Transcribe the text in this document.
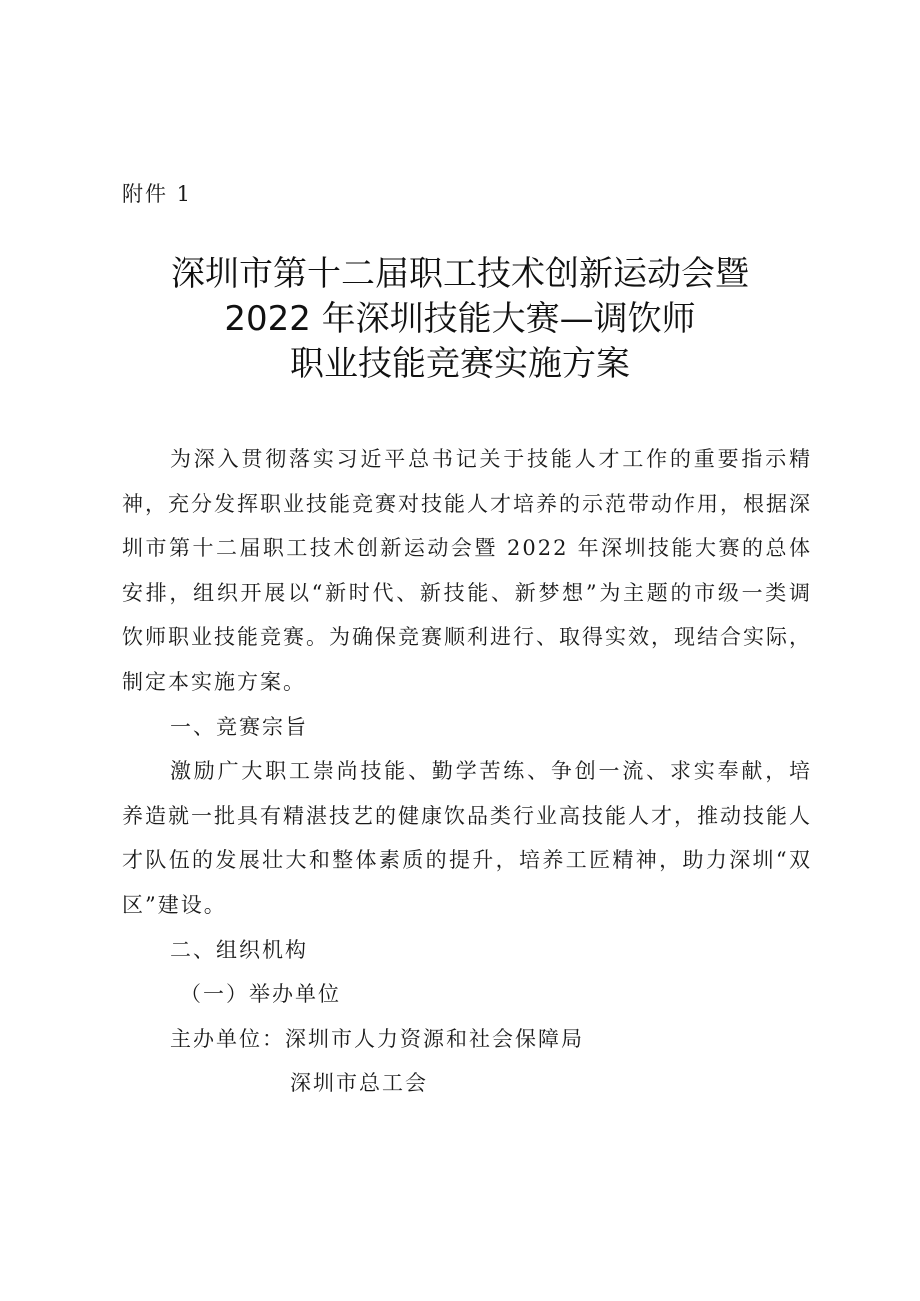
附件 1
深圳市第十二届职工技术创新运动会暨
2022 年深圳技能大赛—调饮师
职业技能竞赛实施方案

为深入贯彻落实习近平总书记关于技能人才工作的重要指示精神，充分发挥职业技能竞赛对技能人才培养的示范带动作用，根据深圳市第十二届职工技术创新运动会暨 2022 年深圳技能大赛的总体安排，组织开展以“新时代、新技能、新梦想”为主题的市级一类调饮师职业技能竞赛。为确保竞赛顺利进行、取得实效，现结合实际，制定本实施方案。

一、竞赛宗旨

激励广大职工崇尚技能、勤学苦练、争创一流、求实奉献，培养造就一批具有精湛技艺的健康饮品类行业高技能人才，推动技能人才队伍的发展壮大和整体素质的提升，培养工匠精神，助力深圳“双区”建设。

二、组织机构

（一）举办单位

主办单位：深圳市人力资源和社会保障局

深圳市总工会
